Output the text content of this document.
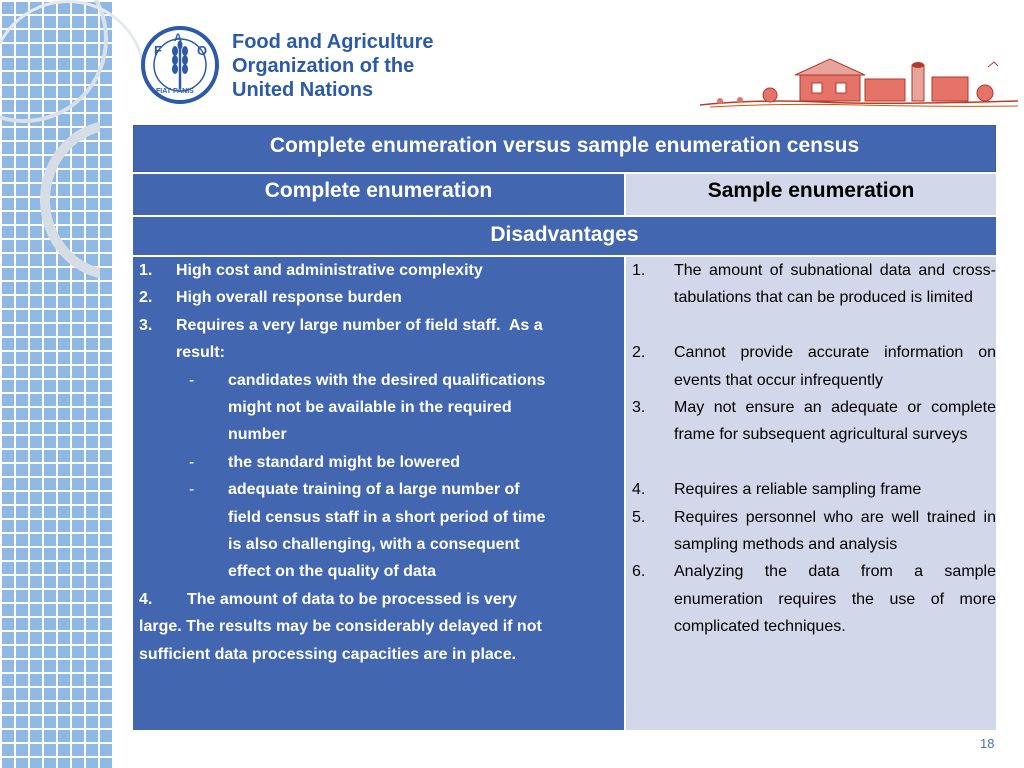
F
A
O
FIAT PANIS
Food and Agriculture
Organization of the
United Nations
Complete enumeration versus sample enumeration census
Complete enumeration	Sample enumeration
Disadvantages
1. High cost and administrative complexity
2. High overall response burden
3. Requires a very large number of field staff.  As a
result:
- candidates with the desired qualifications
might not be available in the required
number
- the standard might be lowered
- adequate training of a large number of
field census staff in a short period of time
is also challenging, with a consequent
effect on the quality of data
4. The amount of data to be processed is very
large. The results may be considerably delayed if not
sufficient data processing capacities are in place.
1. The amount of subnational data and cross-tabulations that can be produced is limited
2. Cannot provide accurate information on events that occur infrequently
3. May not ensure an adequate or complete frame for subsequent agricultural surveys
4. Requires a reliable sampling frame
5. Requires personnel who are well trained in sampling methods and analysis
6. Analyzing the data from a sample enumeration requires the use of more complicated techniques.
18
